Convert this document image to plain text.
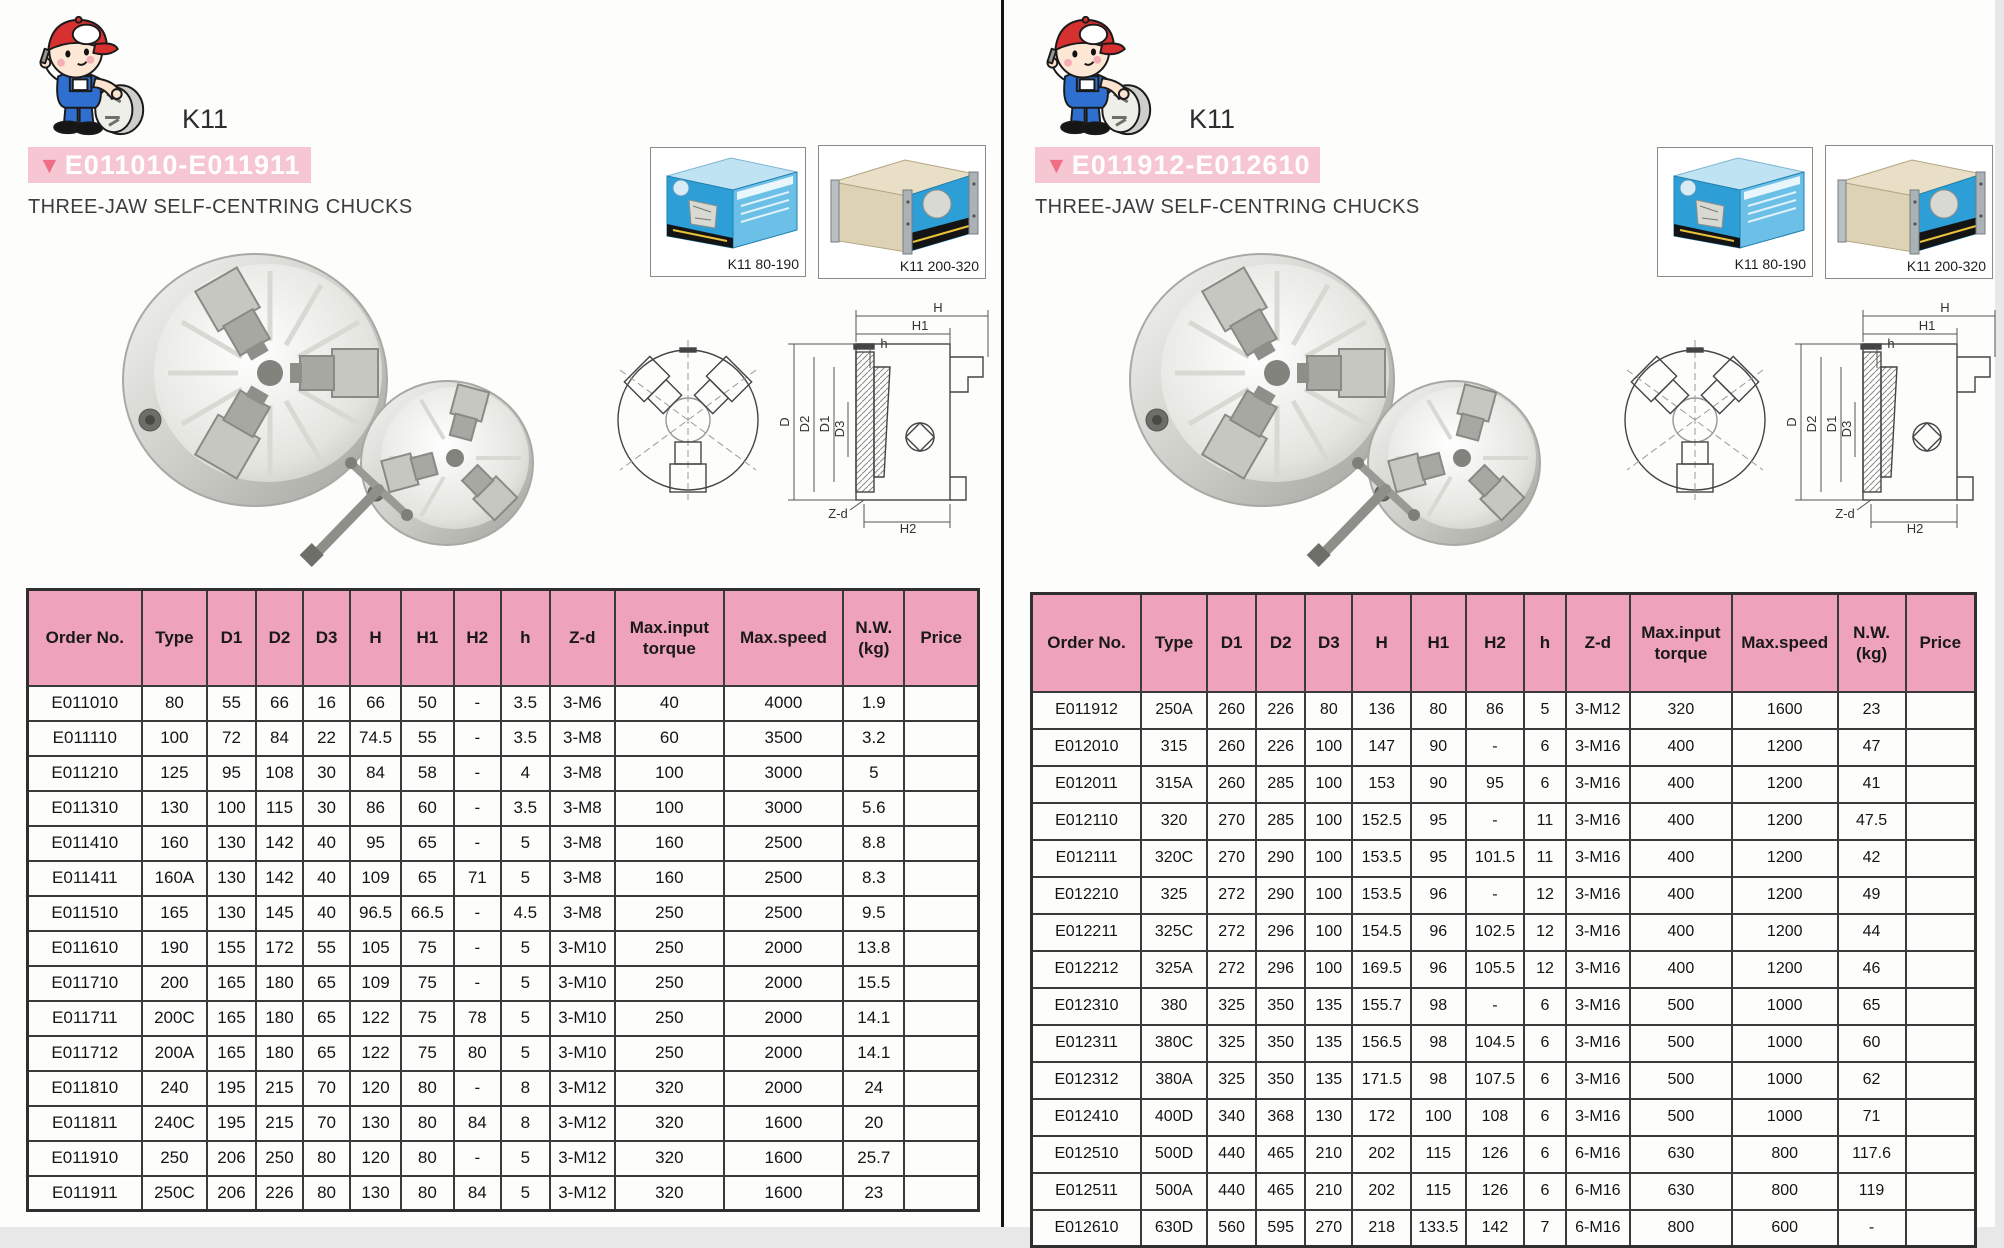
K11
▼ E011010-E011911
THREE-JAW SELF-CENTRING CHUCKS
K11 80-190	K11 200-320
H
H1
h
D D2 D1 D3
Z-d
H2
Order No.	Type	D1	D2	D3	H	H1	H2	h	Z-d	Max.input torque	Max.speed	N.W. (kg)	Price
E011010	80	55	66	16	66	50	-	3.5	3-M6	40	4000	1.9	
E011110	100	72	84	22	74.5	55	-	3.5	3-M8	60	3500	3.2	
E011210	125	95	108	30	84	58	-	4	3-M8	100	3000	5	
E011310	130	100	115	30	86	60	-	3.5	3-M8	100	3000	5.6	
E011410	160	130	142	40	95	65	-	5	3-M8	160	2500	8.8	
E011411	160A	130	142	40	109	65	71	5	3-M8	160	2500	8.3	
E011510	165	130	145	40	96.5	66.5	-	4.5	3-M8	250	2500	9.5	
E011610	190	155	172	55	105	75	-	5	3-M10	250	2000	13.8	
E011710	200	165	180	65	109	75	-	5	3-M10	250	2000	15.5	
E011711	200C	165	180	65	122	75	78	5	3-M10	250	2000	14.1	
E011712	200A	165	180	65	122	75	80	5	3-M10	250	2000	14.1	
E011810	240	195	215	70	120	80	-	8	3-M12	320	2000	24	
E011811	240C	195	215	70	130	80	84	8	3-M12	320	1600	20	
E011910	250	206	250	80	120	80	-	5	3-M12	320	1600	25.7	
E011911	250C	206	226	80	130	80	84	5	3-M12	320	1600	23	
K11
▼ E011912-E012610
THREE-JAW SELF-CENTRING CHUCKS
K11 80-190	K11 200-320
H
H1
h
D D2 D1 D3
Z-d
H2
Order No.	Type	D1	D2	D3	H	H1	H2	h	Z-d	Max.input torque	Max.speed	N.W. (kg)	Price
E011912	250A	260	226	80	136	80	86	5	3-M12	320	1600	23	
E012010	315	260	226	100	147	90	-	6	3-M16	400	1200	47	
E012011	315A	260	285	100	153	90	95	6	3-M16	400	1200	41	
E012110	320	270	285	100	152.5	95	-	11	3-M16	400	1200	47.5	
E012111	320C	270	290	100	153.5	95	101.5	11	3-M16	400	1200	42	
E012210	325	272	290	100	153.5	96	-	12	3-M16	400	1200	49	
E012211	325C	272	296	100	154.5	96	102.5	12	3-M16	400	1200	44	
E012212	325A	272	296	100	169.5	96	105.5	12	3-M16	400	1200	46	
E012310	380	325	350	135	155.7	98	-	6	3-M16	500	1000	65	
E012311	380C	325	350	135	156.5	98	104.5	6	3-M16	500	1000	60	
E012312	380A	325	350	135	171.5	98	107.5	6	3-M16	500	1000	62	
E012410	400D	340	368	130	172	100	108	6	3-M16	500	1000	71	
E012510	500D	440	465	210	202	115	126	6	6-M16	630	800	117.6	
E012511	500A	440	465	210	202	115	126	6	6-M16	630	800	119	
E012610	630D	560	595	270	218	133.5	142	7	6-M16	800	600	-	
